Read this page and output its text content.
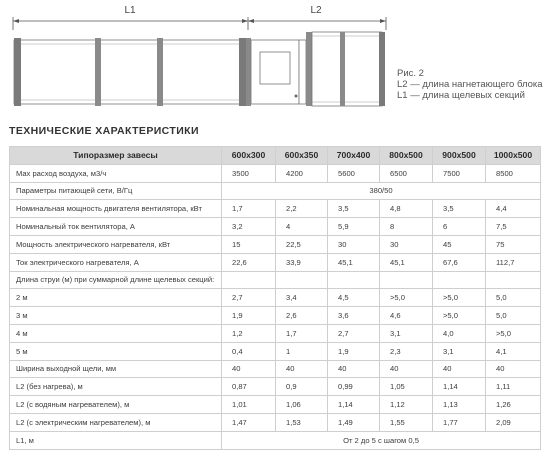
L1	L2
Рис. 2
L2 — длина нагнетающего блока
L1 — длина щелевых секций
ТЕХНИЧЕСКИЕ ХАРАКТЕРИСТИКИ
Типоразмер завесы	600x300	600x350	700x400	800x500	900x500	1000x500
Max расход воздуха, м3/ч	3500	4200	5600	6500	7500	8500
Параметры питающей сети, В/Гц	380/50					
Номинальная мощность двигателя вентилятора, кВт	1,7	2,2	3,5	4,8	3,5	4,4
Номинальный ток вентилятора, А	3,2	4	5,9	8	6	7,5
Мощность электрического нагревателя, кВт	15	22,5	30	30	45	75
Ток электрического нагревателя, А	22,6	33,9	45,1	45,1	67,6	112,7
Длина струи (м) при суммарной длине щелевых секций:						
2 м	2,7	3,4	4,5	>5,0	>5,0	5,0
3 м	1,9	2,6	3,6	4,6	>5,0	5,0
4 м	1,2	1,7	2,7	3,1	4,0	>5,0
5 м	0,4	1	1,9	2,3	3,1	4,1
Ширина выходной щели, мм	40	40	40	40	40	40
L2 (без нагрева), м	0,87	0,9	0,99	1,05	1,14	1,11
L2 (с водяным нагревателем), м	1,01	1,06	1,14	1,12	1,13	1,26
L2 (с электрическим нагревателем), м	1,47	1,53	1,49	1,55	1,77	2,09
L1, м	От 2 до 5 с шагом 0,5					
